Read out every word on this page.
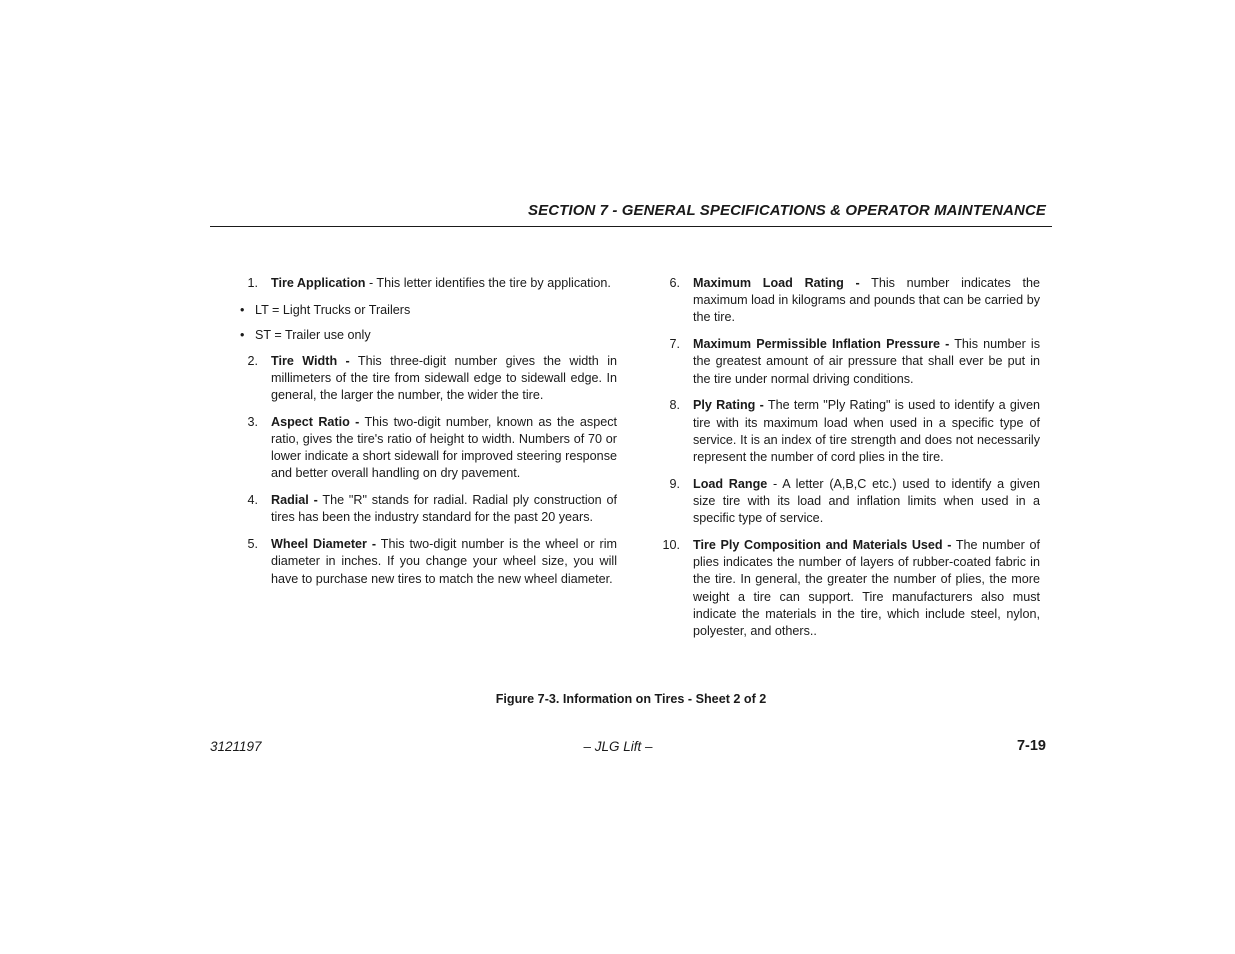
SECTION 7 - GENERAL SPECIFICATIONS & OPERATOR MAINTENANCE
1. Tire Application - This letter identifies the tire by application.
• LT = Light Trucks or Trailers
• ST = Trailer use only
2. Tire Width - This three-digit number gives the width in millimeters of the tire from sidewall edge to sidewall edge. In general, the larger the number, the wider the tire.
3. Aspect Ratio - This two-digit number, known as the aspect ratio, gives the tire's ratio of height to width. Numbers of 70 or lower indicate a short sidewall for improved steering response and better overall handling on dry pavement.
4. Radial - The "R" stands for radial. Radial ply construction of tires has been the industry standard for the past 20 years.
5. Wheel Diameter - This two-digit number is the wheel or rim diameter in inches. If you change your wheel size, you will have to purchase new tires to match the new wheel diameter.
6. Maximum Load Rating - This number indicates the maximum load in kilograms and pounds that can be carried by the tire.
7. Maximum Permissible Inflation Pressure - This number is the greatest amount of air pressure that shall ever be put in the tire under normal driving conditions.
8. Ply Rating - The term "Ply Rating" is used to identify a given tire with its maximum load when used in a specific type of service. It is an index of tire strength and does not necessarily represent the number of cord plies in the tire.
9. Load Range - A letter (A,B,C etc.) used to identify a given size tire with its load and inflation limits when used in a specific type of service.
10. Tire Ply Composition and Materials Used - The number of plies indicates the number of layers of rubber-coated fabric in the tire. In general, the greater the number of plies, the more weight a tire can support. Tire manufacturers also must indicate the materials in the tire, which include steel, nylon, polyester, and others..
Figure 7-3. Information on Tires - Sheet 2 of 2
3121197	– JLG Lift –	7-19
